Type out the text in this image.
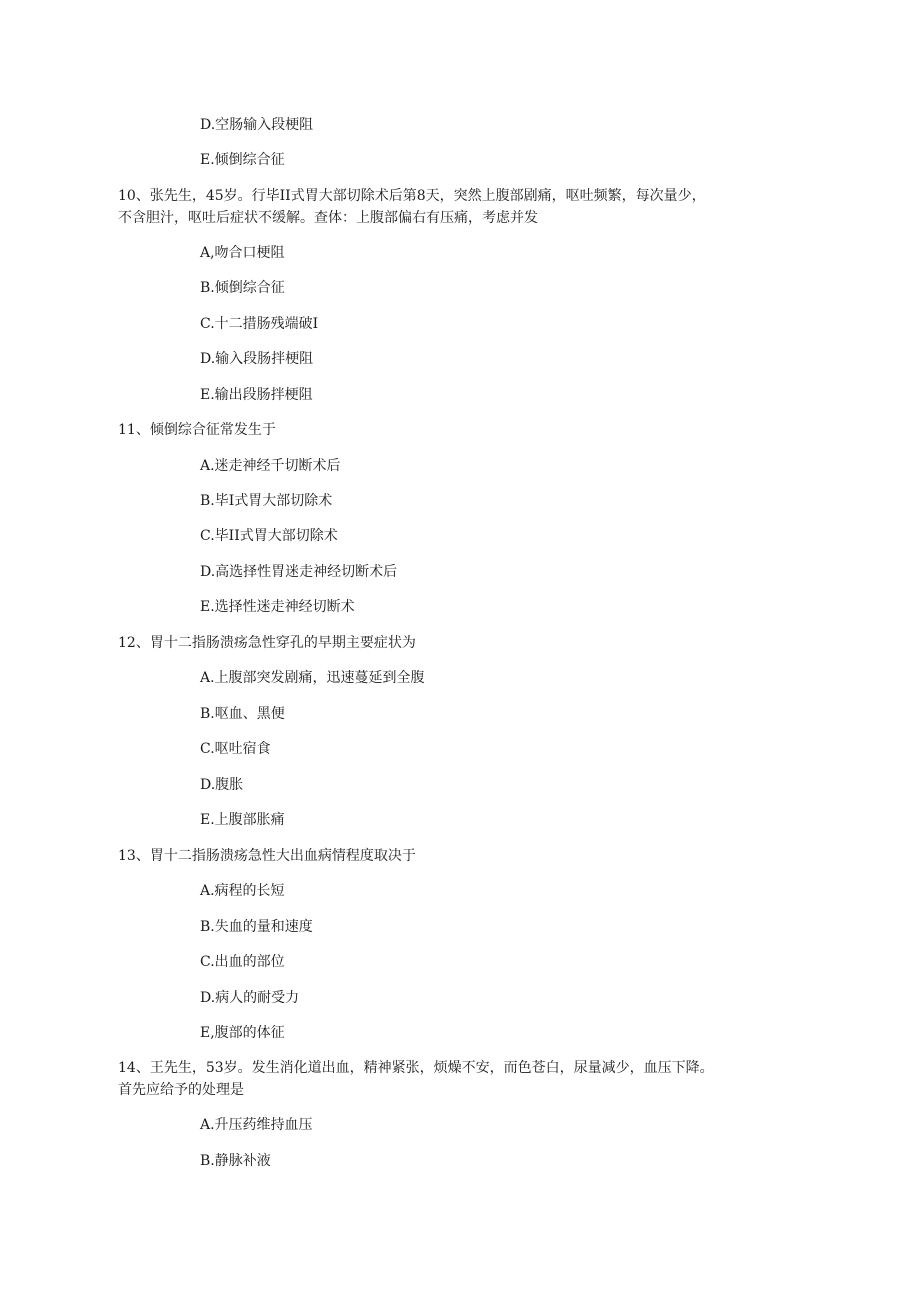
D.空肠输入段梗阻
E.倾倒综合征
10、张先生，45岁。行毕II式胃大部切除术后第8天，突然上腹部剧痛，呕吐频繁，每次量少，
不含胆汁，呕吐后症状不缓解。查体：上腹部偏右有压痛，考虑并发
A,吻合口梗阻
B.倾倒综合征
C.十二措肠残端破I
D.输入段肠拌梗阻
E.输出段肠拌梗阻
11、倾倒综合征常发生于
A.迷走神经千切断术后
B.毕I式胃大部切除术
C.毕II式胃大部切除术
D.高选择性胃迷走神经切断术后
E.选择性迷走神经切断术
12、胃十二指肠溃疡急性穿孔的早期主要症状为
A.上腹部突发剧痛，迅速蔓延到全腹
B.呕血、黑便
C.呕吐宿食
D.腹胀
E.上腹部胀痛
13、胃十二指肠溃疡急性大出血病情程度取决于
A.病程的长短
B.失血的量和速度
C.出血的部位
D.病人的耐受力
E,腹部的体征
14、王先生，53岁。发生消化道出血，精神紧张，烦燥不安，而色苍白，尿量减少，血压下降。
首先应给予的处理是
A.升压药维持血压
B.静脉补液
